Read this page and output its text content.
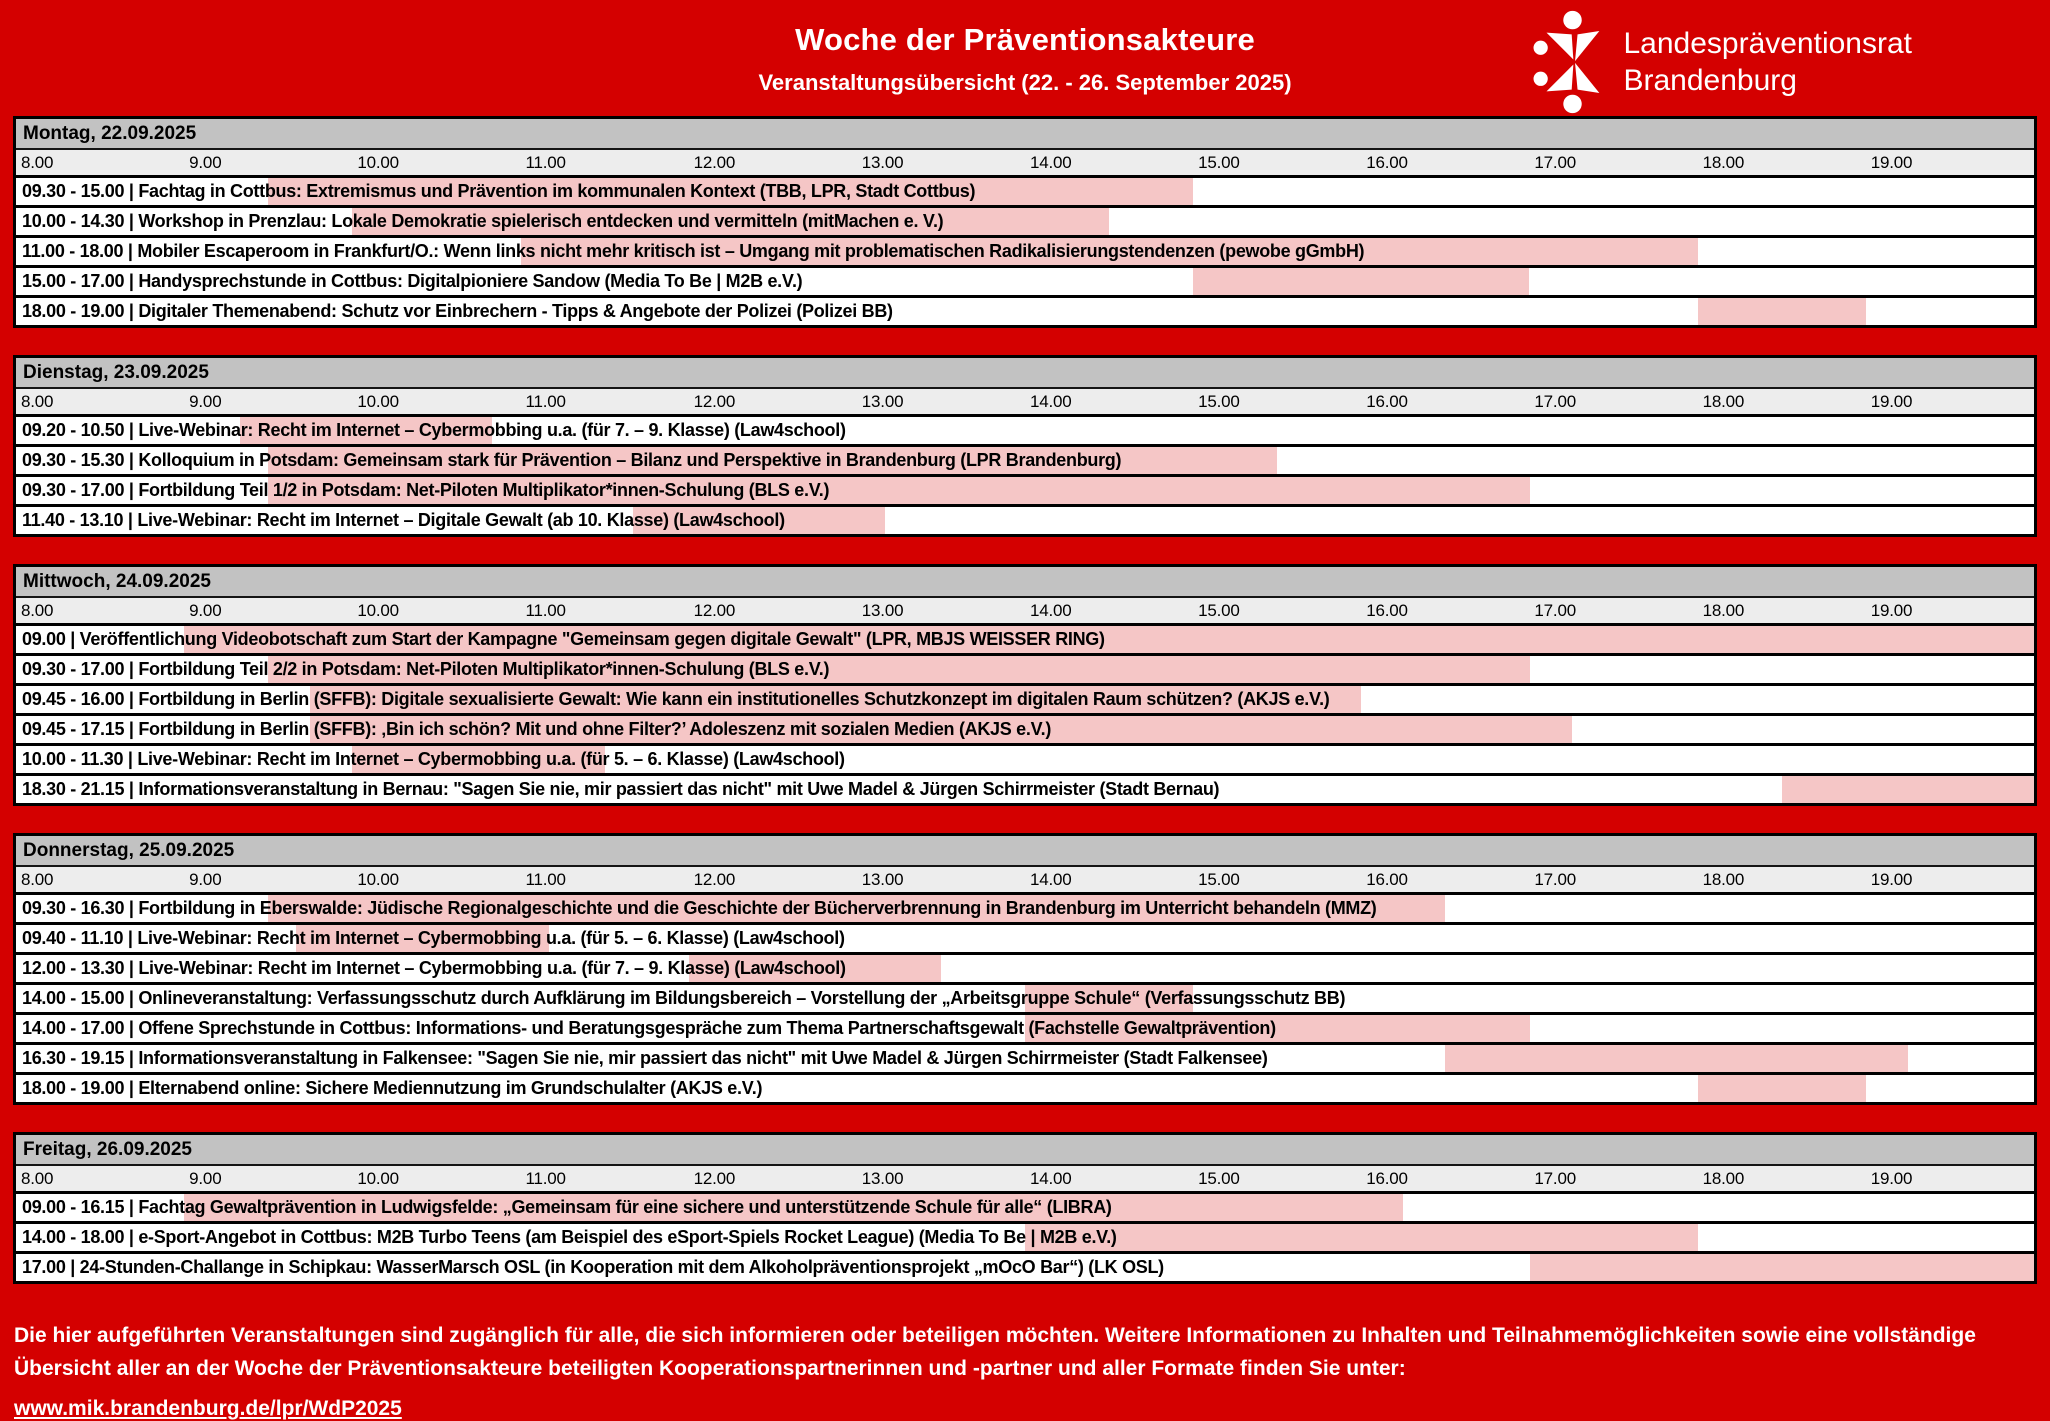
Woche der Präventionsakteure
Veranstaltungsübersicht (22. - 26. September 2025)
Landespräventionsrat
Brandenburg
Montag, 22.09.2025
8.00	9.00	10.00	11.00	12.00	13.00	14.00	15.00	16.00	17.00	18.00	19.00
09.30 - 15.00 | Fachtag in Cottbus: Extremismus und Prävention im kommunalen Kontext (TBB, LPR, Stadt Cottbus)
10.00 - 14.30 | Workshop in Prenzlau: Lokale Demokratie spielerisch entdecken und vermitteln (mitMachen e. V.)
11.00 - 18.00 | Mobiler Escaperoom in Frankfurt/O.: Wenn links nicht mehr kritisch ist – Umgang mit problematischen Radikalisierungstendenzen (pewobe gGmbH)
15.00 - 17.00 | Handysprechstunde in Cottbus: Digitalpioniere Sandow (Media To Be | M2B e.V.)
18.00 - 19.00 | Digitaler Themenabend: Schutz vor Einbrechern - Tipps & Angebote der Polizei (Polizei BB)
Dienstag, 23.09.2025
8.00	9.00	10.00	11.00	12.00	13.00	14.00	15.00	16.00	17.00	18.00	19.00
09.20 - 10.50 | Live-Webinar: Recht im Internet – Cybermobbing u.a. (für 7. – 9. Klasse) (Law4school)
09.30 - 15.30 | Kolloquium in Potsdam: Gemeinsam stark für Prävention – Bilanz und Perspektive in Brandenburg (LPR Brandenburg)
09.30 - 17.00 | Fortbildung Teil 1/2 in Potsdam: Net-Piloten Multiplikator*innen-Schulung (BLS e.V.)
11.40 - 13.10 | Live-Webinar: Recht im Internet – Digitale Gewalt (ab 10. Klasse) (Law4school)
Mittwoch, 24.09.2025
8.00	9.00	10.00	11.00	12.00	13.00	14.00	15.00	16.00	17.00	18.00	19.00
09.00 | Veröffentlichung Videobotschaft zum Start der Kampagne "Gemeinsam gegen digitale Gewalt" (LPR, MBJS WEISSER RING)
09.30 - 17.00 | Fortbildung Teil 2/2 in Potsdam: Net-Piloten Multiplikator*innen-Schulung (BLS e.V.)
09.45 - 16.00 | Fortbildung in Berlin (SFFB): Digitale sexualisierte Gewalt: Wie kann ein institutionelles Schutzkonzept im digitalen Raum schützen? (AKJS e.V.)
09.45 - 17.15 | Fortbildung in Berlin (SFFB): ‚Bin ich schön? Mit und ohne Filter?’ Adoleszenz mit sozialen Medien (AKJS e.V.)
10.00 - 11.30 | Live-Webinar: Recht im Internet – Cybermobbing u.a. (für 5. – 6. Klasse) (Law4school)
18.30 - 21.15 | Informationsveranstaltung in Bernau: "Sagen Sie nie, mir passiert das nicht" mit Uwe Madel & Jürgen Schirrmeister (Stadt Bernau)
Donnerstag, 25.09.2025
8.00	9.00	10.00	11.00	12.00	13.00	14.00	15.00	16.00	17.00	18.00	19.00
09.30 - 16.30 | Fortbildung in Eberswalde: Jüdische Regionalgeschichte und die Geschichte der Bücherverbrennung in Brandenburg im Unterricht behandeln (MMZ)
09.40 - 11.10 | Live-Webinar: Recht im Internet – Cybermobbing u.a. (für 5. – 6. Klasse) (Law4school)
12.00 - 13.30 | Live-Webinar: Recht im Internet – Cybermobbing u.a. (für 7. – 9. Klasse) (Law4school)
14.00 - 15.00 | Onlineveranstaltung: Verfassungsschutz durch Aufklärung im Bildungsbereich – Vorstellung der „Arbeitsgruppe Schule“ (Verfassungsschutz BB)
14.00 - 17.00 | Offene Sprechstunde in Cottbus: Informations- und Beratungsgespräche zum Thema Partnerschaftsgewalt (Fachstelle Gewaltprävention)
16.30 - 19.15 | Informationsveranstaltung in Falkensee: "Sagen Sie nie, mir passiert das nicht" mit Uwe Madel & Jürgen Schirrmeister (Stadt Falkensee)
18.00 - 19.00 | Elternabend online: Sichere Mediennutzung im Grundschulalter (AKJS e.V.)
Freitag, 26.09.2025
8.00	9.00	10.00	11.00	12.00	13.00	14.00	15.00	16.00	17.00	18.00	19.00
09.00 - 16.15 | Fachtag Gewaltprävention in Ludwigsfelde: „Gemeinsam für eine sichere und unterstützende Schule für alle“ (LIBRA)
14.00 - 18.00 | e-Sport-Angebot in Cottbus: M2B Turbo Teens (am Beispiel des eSport-Spiels Rocket League) (Media To Be | M2B e.V.)
17.00 | 24-Stunden-Challange in Schipkau: WasserMarsch OSL (in Kooperation mit dem Alkoholpräventionsprojekt „mOcO Bar“) (LK OSL)

Die hier aufgeführten Veranstaltungen sind zugänglich für alle, die sich informieren oder beteiligen möchten. Weitere Informationen zu Inhalten und Teilnahmemöglichkeiten sowie eine vollständige Übersicht aller an der Woche der Präventionsakteure beteiligten Kooperationspartnerinnen und -partner und aller Formate finden Sie unter:

www.mik.brandenburg.de/lpr/WdP2025
